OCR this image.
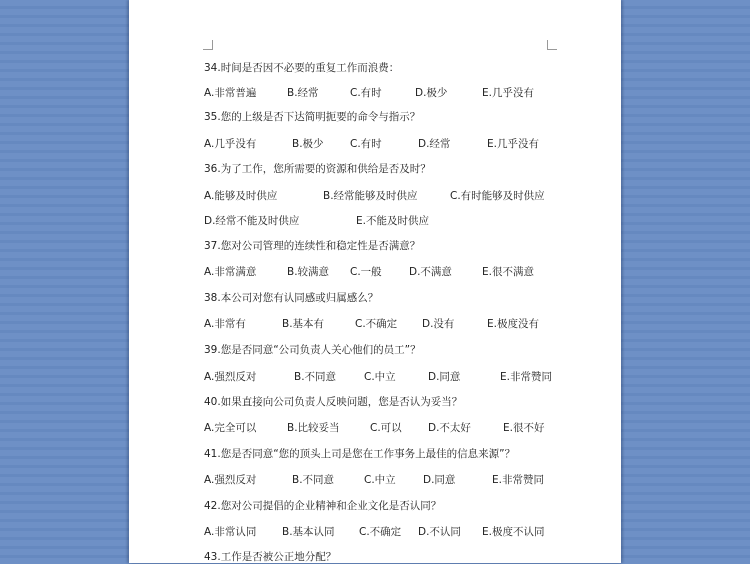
34.时间是否因不必要的重复工作而浪费：
A.非常普遍	B.经常	C.有时	D.极少	E.几乎没有
35.您的上级是否下达简明扼要的命令与指示？
A.几乎没有	B.极少	C.有时	D.经常	E.几乎没有
36.为了工作，您所需要的资源和供给是否及时？
A.能够及时供应	B.经常能够及时供应	C.有时能够及时供应
D.经常不能及时供应	E.不能及时供应
37.您对公司管理的连续性和稳定性是否满意？
A.非常满意	B.较满意 C.一般	D.不满意	E.很不满意
38.本公司对您有认同感或归属感么？
A.非常有	B.基本有	C.不确定 D.没有	E.极度没有
39.您是否同意“公司负责人关心他们的员工”？
A.强烈反对	B.不同意	C.中立	D.同意	E.非常赞同
40.如果直接向公司负责人反映问题，您是否认为妥当？
A.完全可以	B.比较妥当	C.可以	D.不太好	E.很不好
41.您是否同意“您的顶头上司是您在工作事务上最佳的信息来源”？
A.强烈反对	B.不同意	C.中立	D.同意	E.非常赞同
42.您对公司提倡的企业精神和企业文化是否认同？
A.非常认同 B.基本认同 C.不确定 D.不认同 E.极度不认同
43.工作是否被公正地分配？
